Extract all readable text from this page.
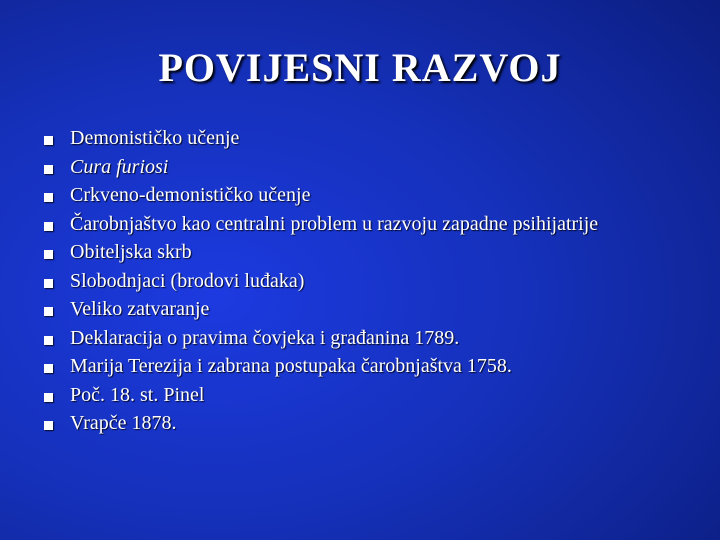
POVIJESNI RAZVOJ
Demonističko učenje
Cura furiosi
Crkveno-demonističko učenje
Čarobnjaštvo kao centralni problem u razvoju zapadne psihijatrije
Obiteljska skrb
Slobodnjaci (brodovi luđaka)
Veliko zatvaranje
Deklaracija o pravima čovjeka i građanina 1789.
Marija Terezija i zabrana postupaka čarobnjaštva 1758.
Poč. 18. st. Pinel
Vrapče 1878.
